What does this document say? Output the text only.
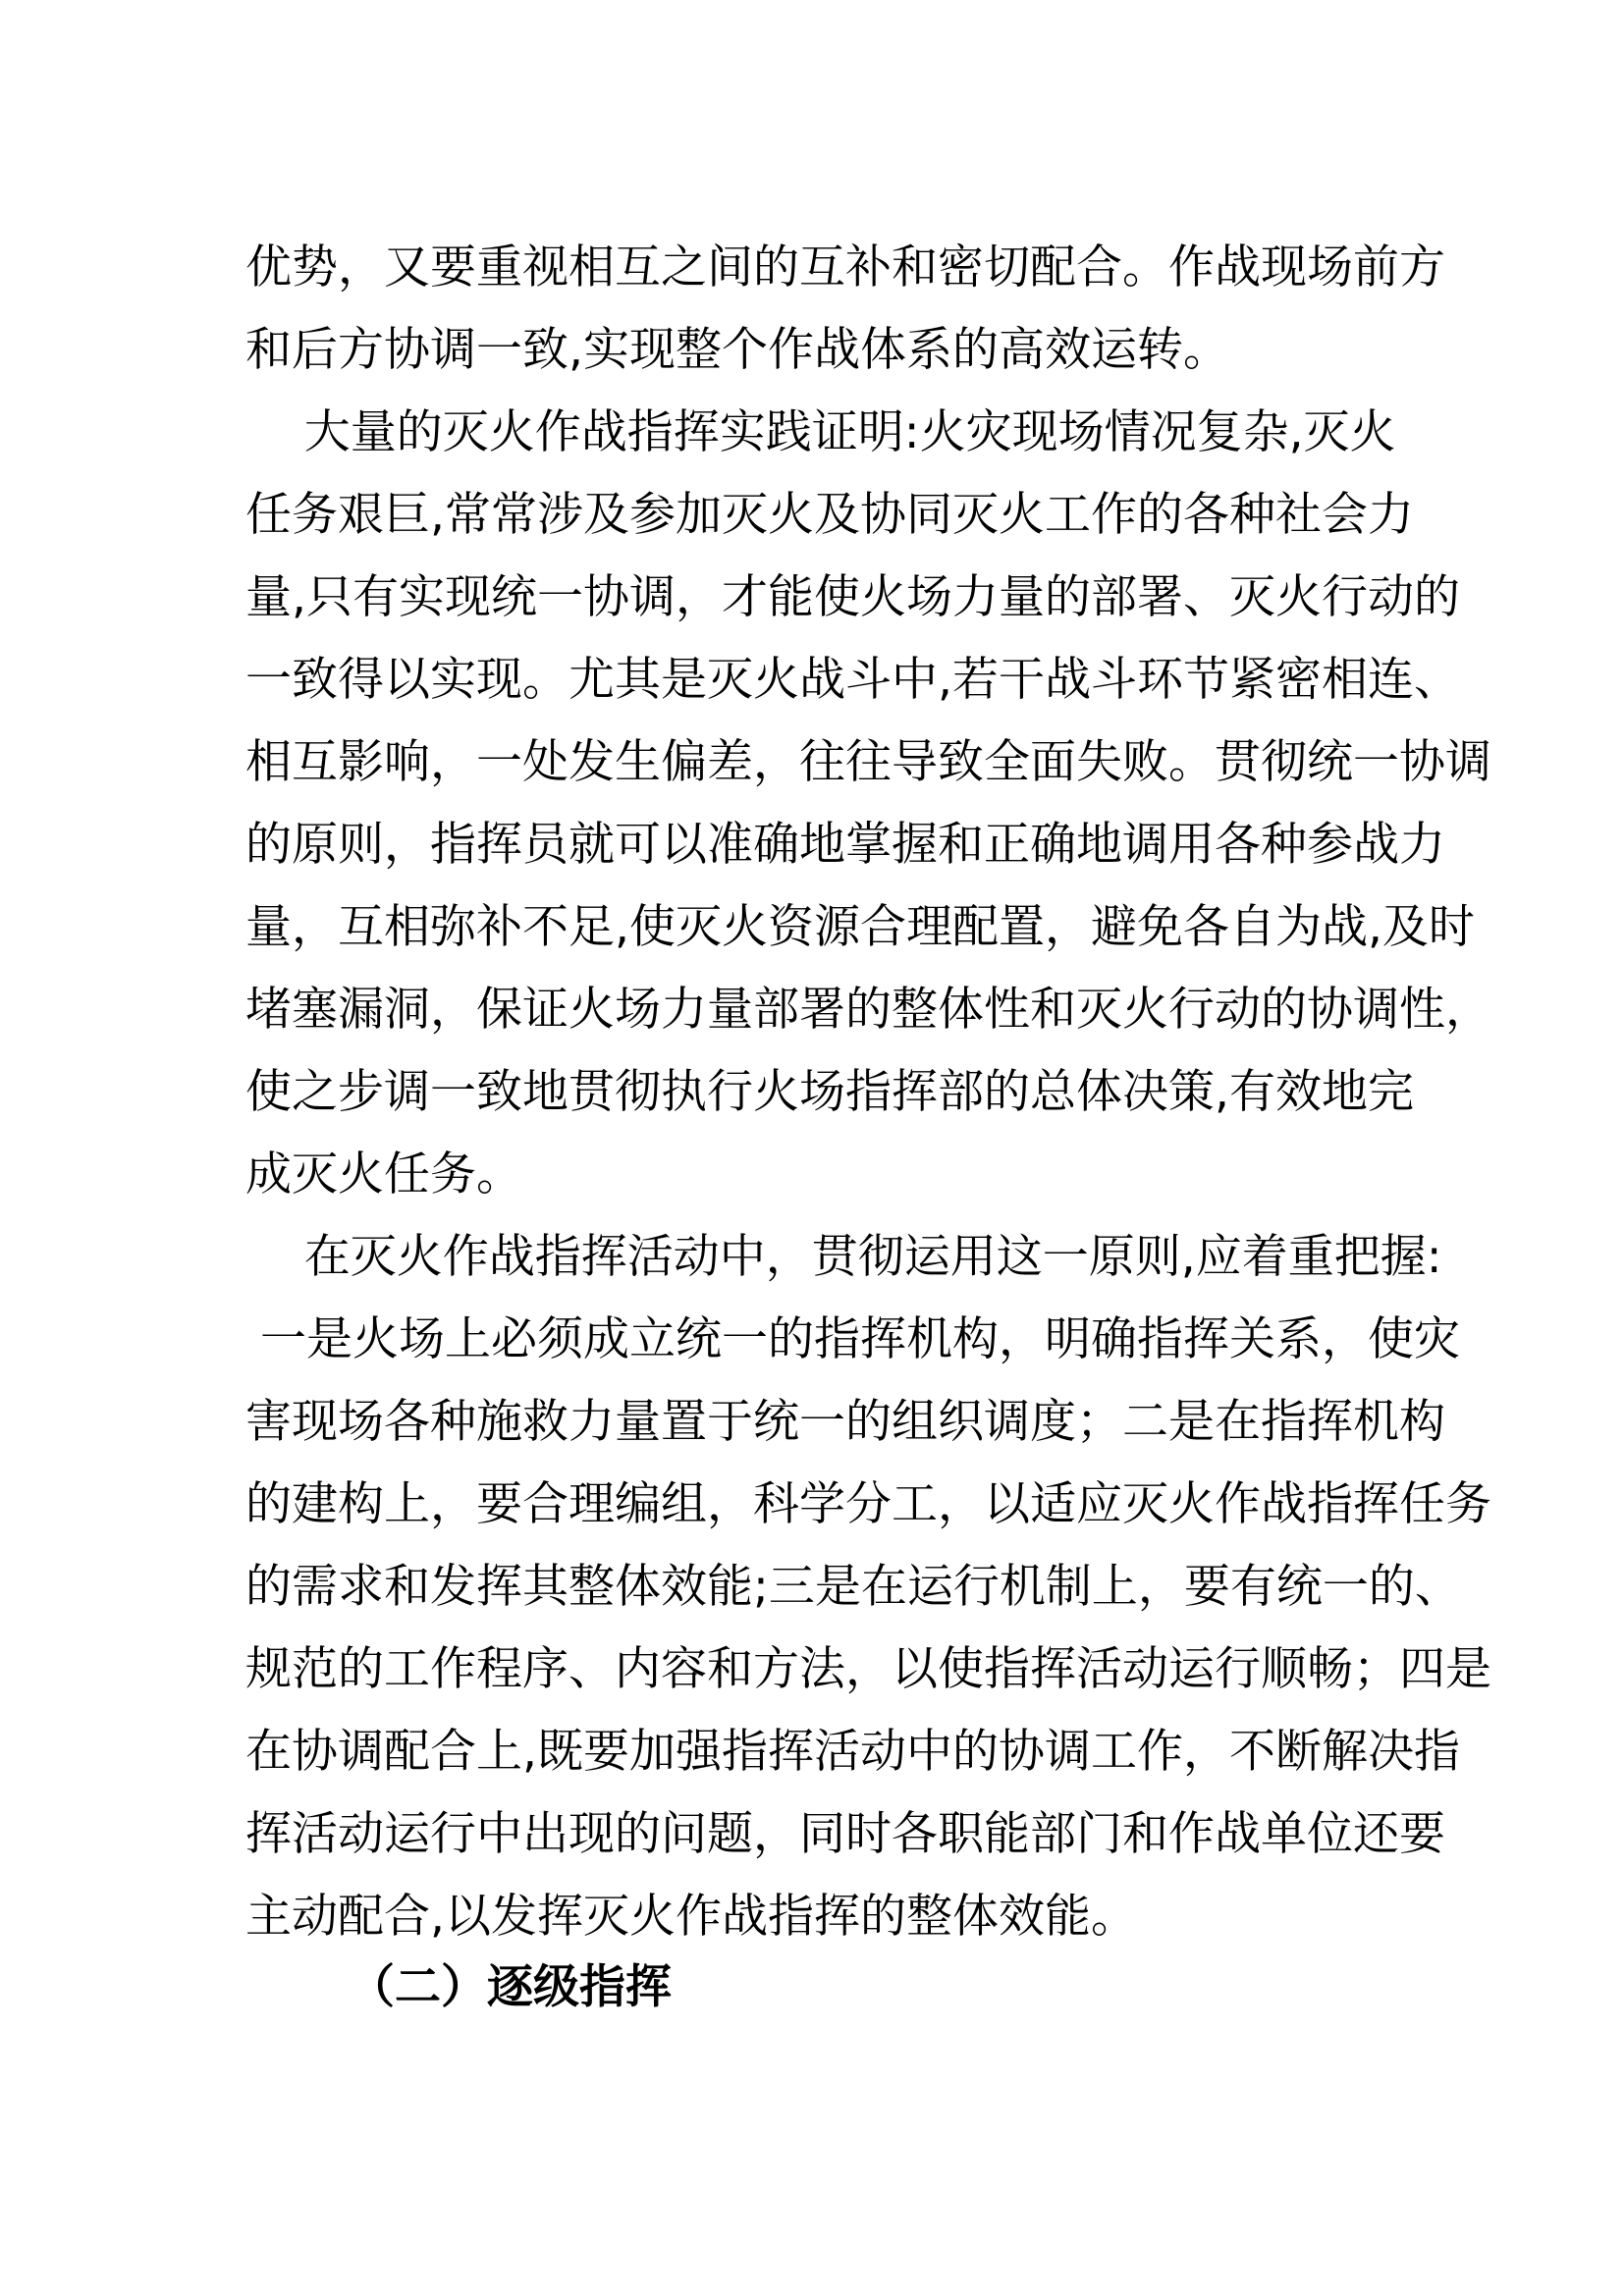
优势，又要重视相互之间的互补和密切配合。作战现场前方
和后方协调一致,实现整个作战体系的高效运转。
大量的灭火作战指挥实践证明:火灾现场情况复杂,灭火
任务艰巨,常常涉及参加灭火及协同灭火工作的各种社会力
量,只有实现统一协调，才能使火场力量的部署、灭火行动的
一致得以实现。尤其是灭火战斗中,若干战斗环节紧密相连、
相互影响，一处发生偏差，往往导致全面失败。贯彻统一协调
的原则，指挥员就可以准确地掌握和正确地调用各种参战力
量，互相弥补不足,使灭火资源合理配置，避免各自为战,及时
堵塞漏洞，保证火场力量部署的整体性和灭火行动的协调性，
使之步调一致地贯彻执行火场指挥部的总体决策,有效地完
成灭火任务。
在灭火作战指挥活动中，贯彻运用这一原则,应着重把握:
一是火场上必须成立统一的指挥机构，明确指挥关系，使灾
害现场各种施救力量置于统一的组织调度；二是在指挥机构
的建构上，要合理编组，科学分工，以适应灭火作战指挥任务
的需求和发挥其整体效能;三是在运行机制上，要有统一的、
规范的工作程序、内容和方法，以使指挥活动运行顺畅；四是
在协调配合上,既要加强指挥活动中的协调工作，不断解决指
挥活动运行中出现的问题，同时各职能部门和作战单位还要
主动配合,以发挥灭火作战指挥的整体效能。
（二）逐级指挥
